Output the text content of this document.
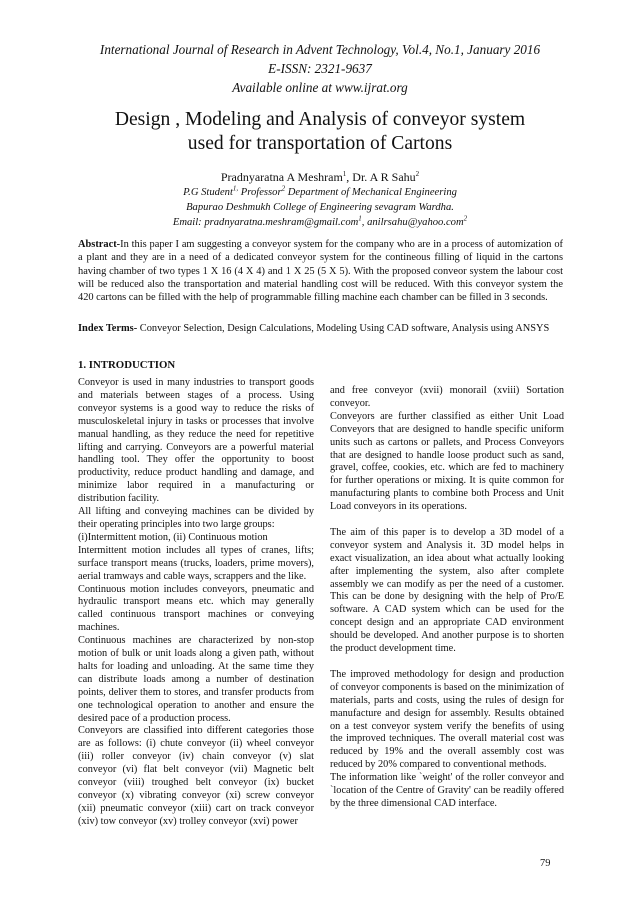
International Journal of Research in Advent Technology, Vol.4, No.1, January 2016
E-ISSN: 2321-9637
Available online at www.ijrat.org
Design , Modeling and Analysis of conveyor system
used for transportation of Cartons
Pradnyaratna A Meshram$^1$, Dr. A R Sahu$^2$
P.G Student$^{1,}$ Professor$^2$ Department of Mechanical Engineering
Bapurao Deshmukh College of Engineering sevagram Wardha.
Email: pradnyaratna.meshram@gmail.com$^1$, anilrsahu@yahoo.com$^2$

Abstract-In this paper I am suggesting a conveyor system for the company who are in a process of automization of a plant and they are in a need of a dedicated conveyor system for the contineous filling of liquid in the cartons having chamber of two types 1 X 16 (4 X 4) and 1 X 25 (5 X 5). With the proposed conveor system the labour cost will be reduced also the transportation and material handling cost will be reduced. With this conveyor system the 420 cartons can be filled with the help of programmable filling machine each chamber can be filled in 3 seconds.

Index Terms- Conveyor Selection, Design Calculations, Modeling Using CAD software, Analysis using ANSYS

1. INTRODUCTION

Conveyor is used in many industries to transport goods and materials between stages of a process. Using conveyor systems is a good way to reduce the risks of musculoskeletal injury in tasks or processes that involve manual handling, as they reduce the need for repetitive lifting and carrying. Conveyors are a powerful material handling tool. They offer the opportunity to boost productivity, reduce product handling and damage, and minimize labor required in a manufacturing or distribution facility.

All lifting and conveying machines can be divided by their operating principles into two large groups:

(i)Intermittent motion, (ii) Continuous motion

Intermittent motion includes all types of cranes, lifts; surface transport means (trucks, loaders, prime movers), aerial tramways and cable ways, scrappers and the like.

Continuous motion includes conveyors, pneumatic and hydraulic transport means etc. which may generally called continuous transport machines or conveying machines.

Continuous machines are characterized by non-stop motion of bulk or unit loads along a given path, without halts for loading and unloading. At the same time they can distribute loads among a number of destination points, deliver them to stores, and transfer products from one technological operation to another and ensure the desired pace of a production process.

Conveyors are classified into different categories those are as follows: (i) chute conveyor (ii) wheel conveyor (iii) roller conveyor (iv) chain conveyor (v) slat conveyor (vi) flat belt conveyor (vii) Magnetic belt conveyor (viii) troughed belt conveyor (ix) bucket conveyor (x) vibrating conveyor (xi) screw conveyor (xii) pneumatic conveyor (xiii) cart on track conveyor (xiv) tow conveyor (xv) trolley conveyor (xvi) power

and free conveyor (xvii) monorail (xviii) Sortation conveyor.

Conveyors are further classified as either Unit Load Conveyors that are designed to handle specific uniform units such as cartons or pallets, and Process Conveyors that are designed to handle loose product such as sand, gravel, coffee, cookies, etc. which are fed to machinery for further operations or mixing. It is quite common for manufacturing plants to combine both Process and Unit Load conveyors in its operations.

The aim of this paper is to develop a 3D model of a conveyor system and Analysis it. 3D model helps in exact visualization, an idea about what actually looking after implementing the system, also after complete assembly we can modify as per the need of a customer. This can be done by designing with the help of Pro/E software. A CAD system which can be used for the concept design and an appropriate CAD environment should be developed. And another purpose is to shorten the product development time.

The improved methodology for design and production of conveyor components is based on the minimization of materials, parts and costs, using the rules of design for manufacture and design for assembly. Results obtained on a test conveyor system verify the benefits of using the improved techniques. The overall material cost was reduced by 19% and the overall assembly cost was reduced by 20% compared to conventional methods.

The information like `weight' of the roller conveyor and `location of the Centre of Gravity' can be readily offered by the three dimensional CAD interface.

79
